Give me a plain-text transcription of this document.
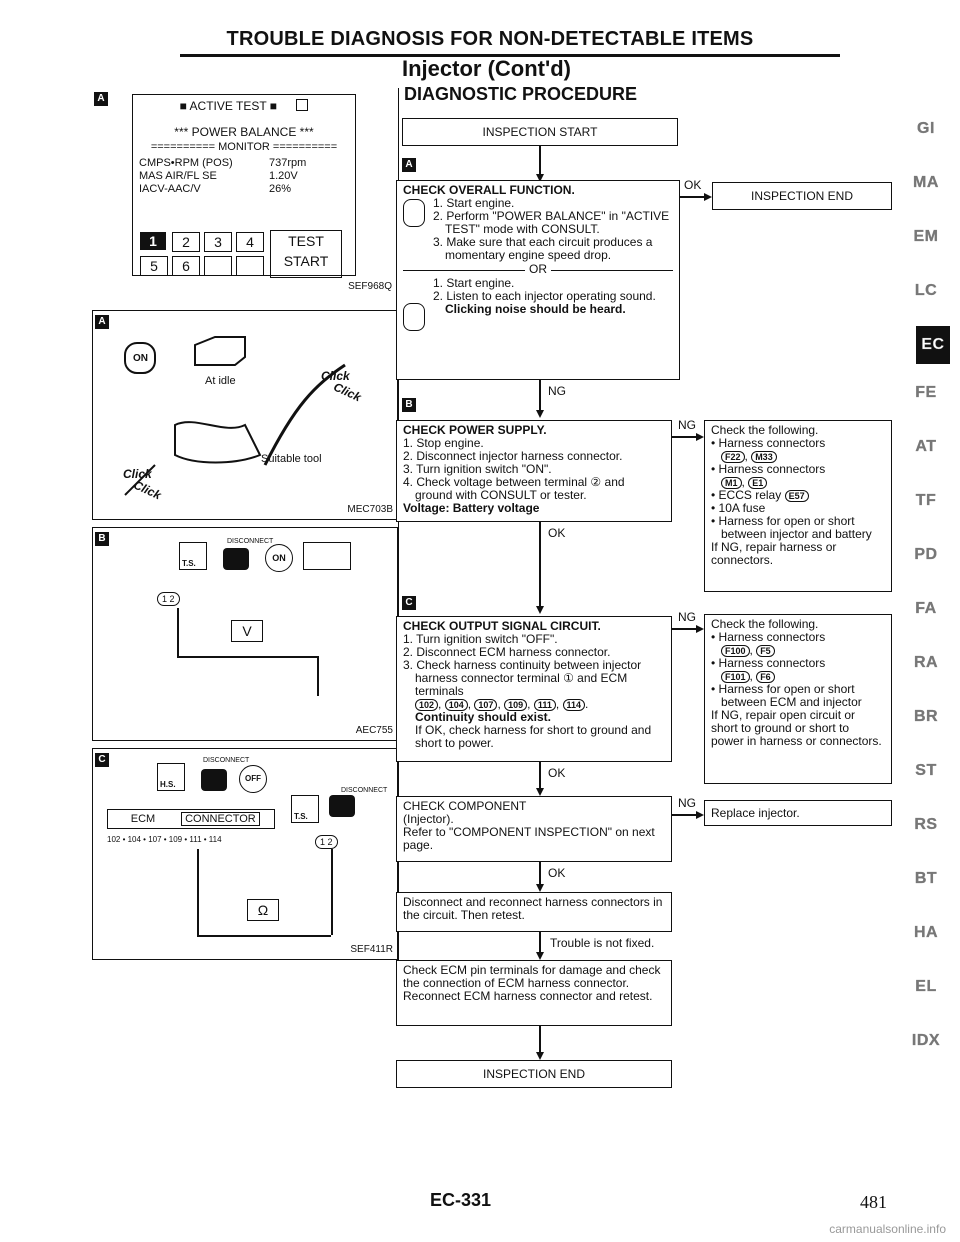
TROUBLE DIAGNOSIS FOR NON-DETECTABLE ITEMS
Injector (Cont'd)
DIAGNOSTIC PROCEDURE
A
■ ACTIVE TEST ■
*** POWER BALANCE ***
========== MONITOR ==========
CMPS•RPM (POS)	737rpm
MAS AIR/FL SE	1.20V
IACV-AAC/V	26%
1	2	3	4
5	6
TEST
START
SEF968Q
A
ON
At idle	Click
Click
Click
Click
Suitable tool
MEC703B
B	DISCONNECT
T.S.
ON
1 2
V
AEC755
C	DISCONNECT
DISCONNECT
H.S.
OFF
T.S.
ECM	CONNECTOR
102 • 104 • 107 • 109 • 111 • 114	1 2
Ω
SEF411R
INSPECTION START
A
CHECK OVERALL FUNCTION.
1. Start engine.
2. Perform "POWER BALANCE" in "ACTIVE TEST" mode with CONSULT.
3. Make sure that each circuit produces a momentary engine speed drop.
OR
1. Start engine.
2. Listen to each injector operating sound.
Clicking noise should be heard.
OK
INSPECTION END
NG
B
CHECK POWER SUPPLY.
1. Stop engine.
2. Disconnect injector harness connector.
3. Turn ignition switch "ON".
4. Check voltage between terminal ② and ground with CONSULT or tester.
Voltage: Battery voltage
NG Check the following.
• Harness connectors
F22 , M33
• Harness connectors
M1 , E1
• ECCS relay E57
• 10A fuse
• Harness for open or short between injector and battery
If NG, repair harness or connectors.
OK
C
CHECK OUTPUT SIGNAL CIRCUIT.
1. Turn ignition switch "OFF".
2. Disconnect ECM harness connector.
3. Check harness continuity between injector harness connector terminal ① and ECM terminals
102 , 104 , 107 , 109 , 111 , 114 .
Continuity should exist.
If OK, check harness for short to ground and short to power.
NG Check the following.
• Harness connectors
F100 , F5
• Harness connectors
F101 , F6
• Harness for open or short between ECM and injector
If NG, repair open circuit or short to ground or short to power in harness or connectors.
OK
CHECK COMPONENT
(Injector).
Refer to "COMPONENT INSPECTION" on next page.
NG
Replace injector.
OK
Disconnect and reconnect harness connectors in the circuit. Then retest.
Trouble is not fixed.
Check ECM pin terminals for damage and check the connection of ECM harness connector. Reconnect ECM harness connector and retest.
INSPECTION END
GI
MA
EM
LC
EC
FE
AT
TF
PD
FA
RA
BR
ST
RS
BT
HA
EL
IDX
EC-331	481
carmanualsonline.info
